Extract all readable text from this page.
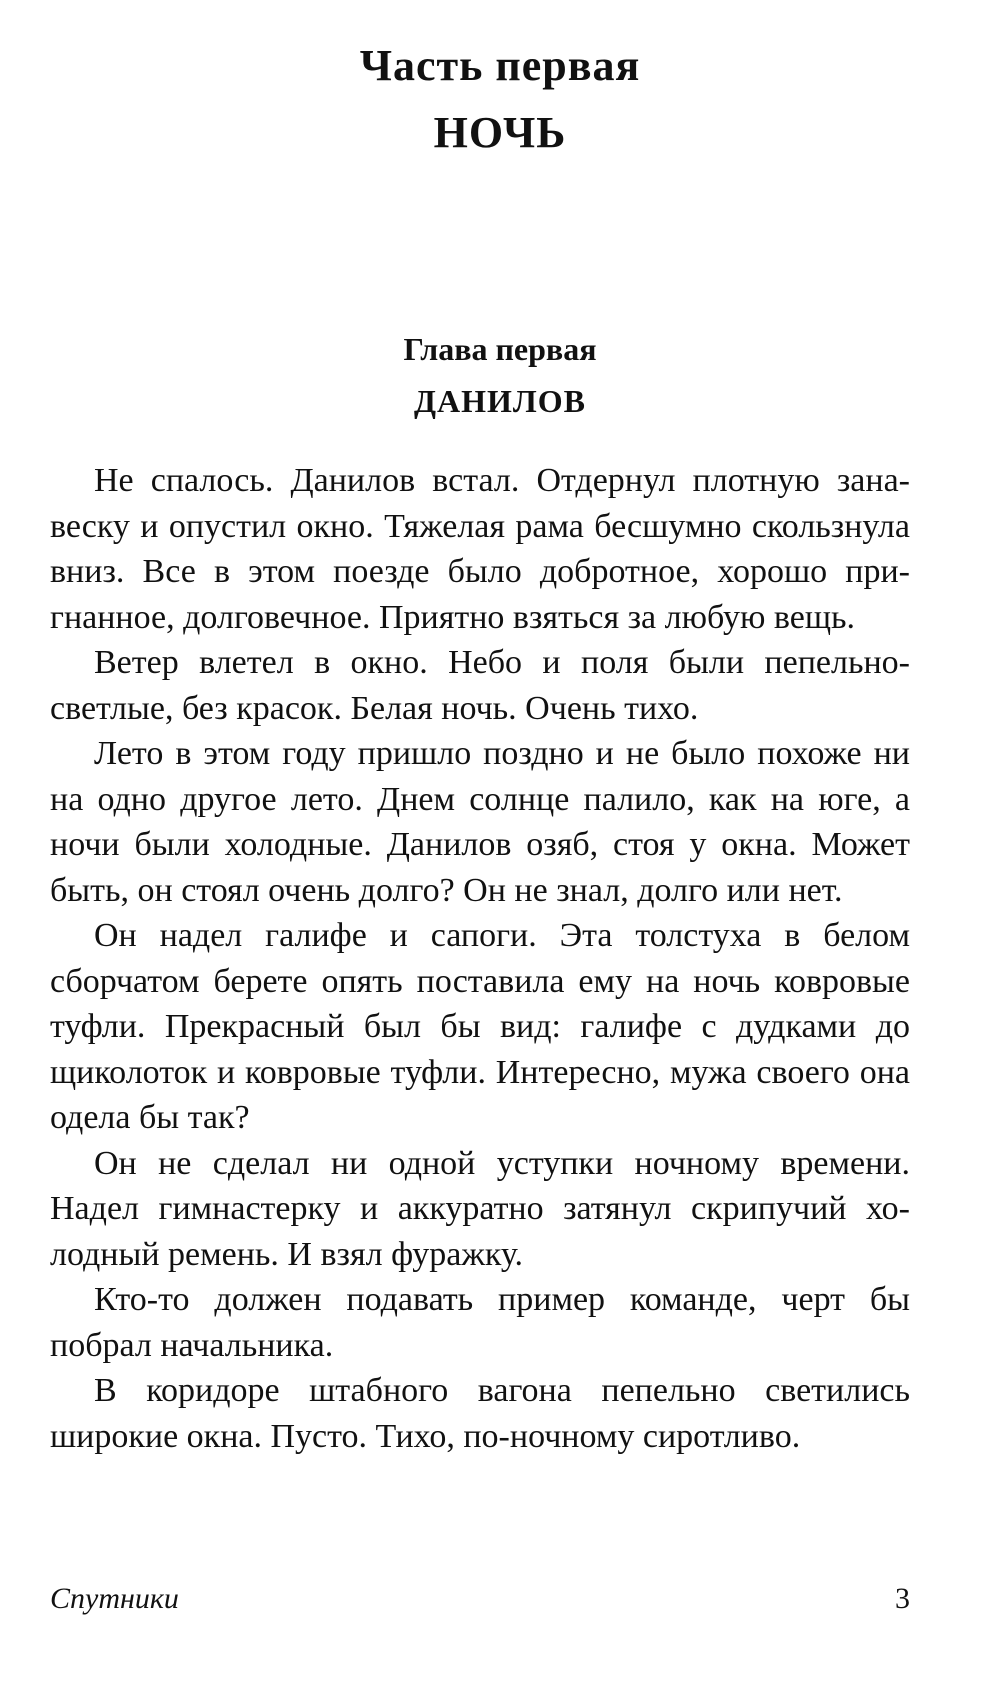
Часть первая
НОЧЬ
Глава первая
ДАНИЛОВ

Не спалось. Данилов встал. Отдернул плотную занавеску и опустил окно. Тяжелая рама бесшумно скользнула вниз. Все в этом поезде было добротное, хорошо пригнанное, долговечное. Приятно взяться за любую вещь.

Ветер влетел в окно. Небо и поля были пепельно-светлые, без красок. Белая ночь. Очень тихо.

Лето в этом году пришло поздно и не было похоже ни на одно другое лето. Днем солнце палило, как на юге, а ночи были холодные. Данилов озяб, стоя у окна. Может быть, он стоял очень долго? Он не знал, долго или нет.

Он надел галифе и сапоги. Эта толстуха в белом сборчатом берете опять поставила ему на ночь ковровые туфли. Прекрасный был бы вид: галифе с дудками до щиколоток и ковровые туфли. Интересно, мужа своего она одела бы так?

Он не сделал ни одной уступки ночному времени. Надел гимнастерку и аккуратно затянул скрипучий холодный ремень. И взял фуражку.

Кто-то должен подавать пример команде, черт бы побрал начальника.

В коридоре штабного вагона пепельно светились широкие окна. Пусто. Тихо, по-ночному сиротливо.

Спутники	3
